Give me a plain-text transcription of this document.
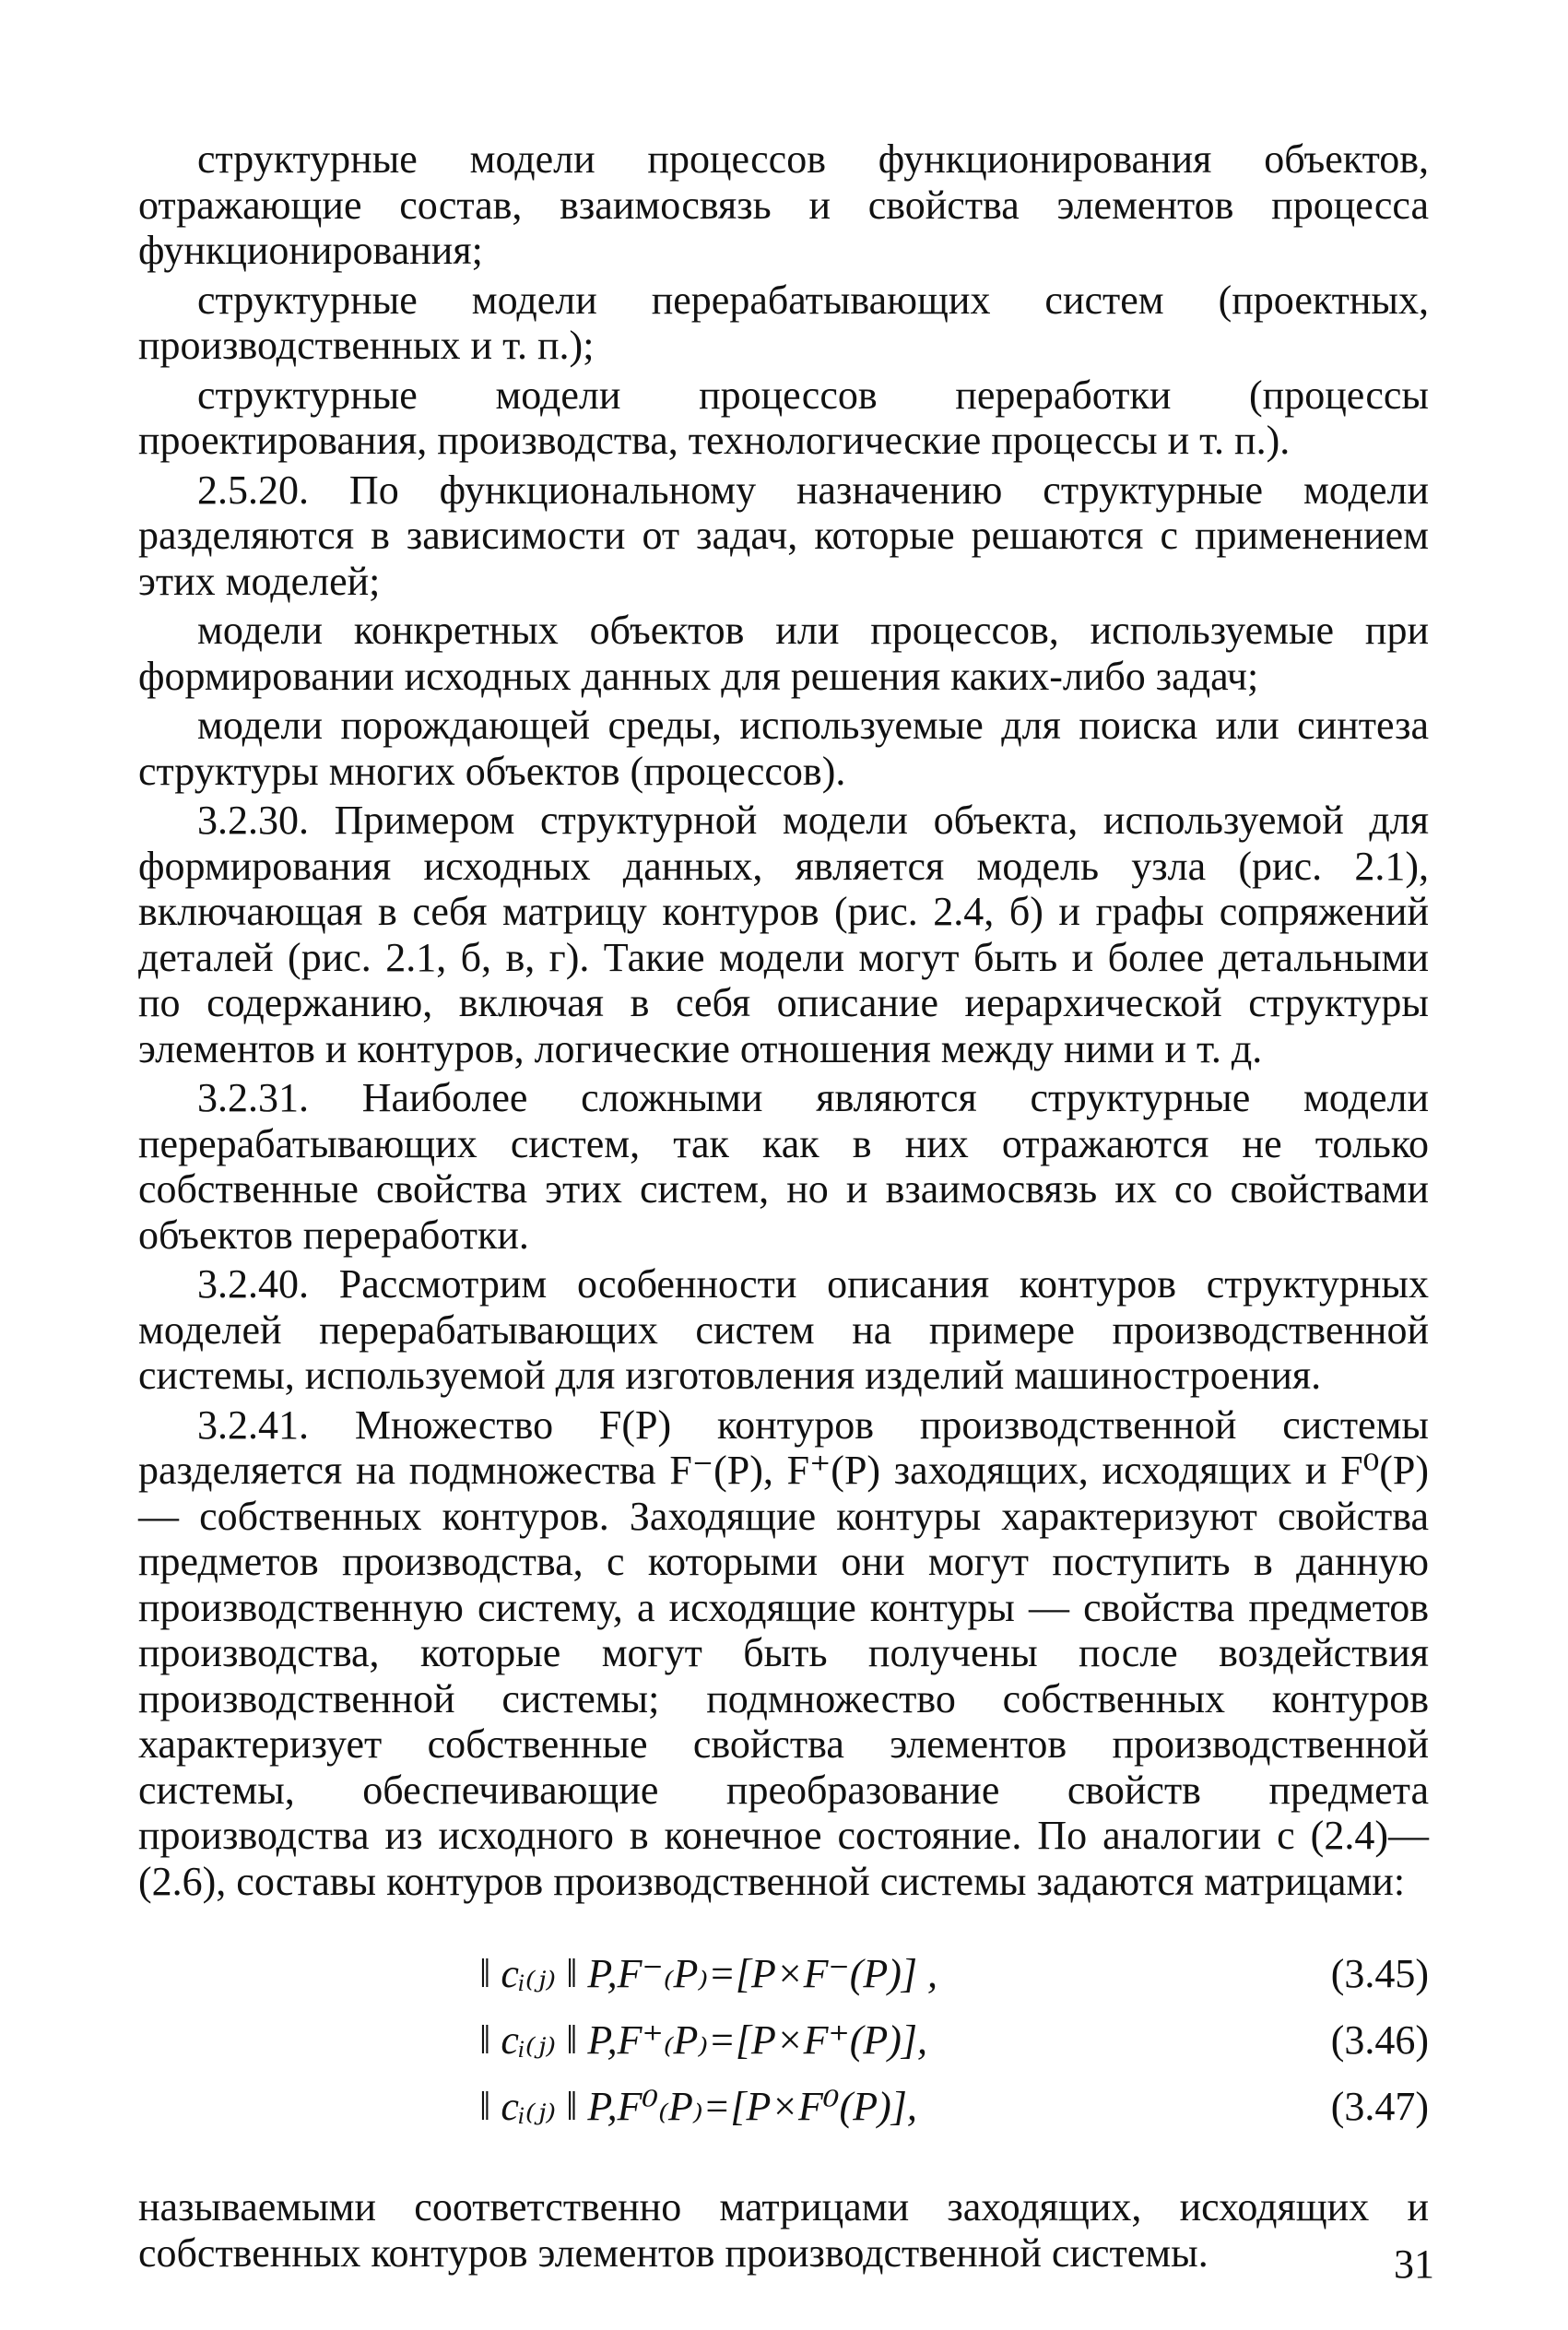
структурные модели процессов функционирования объектов, отражающие состав, взаимосвязь и свойства элементов процесса функционирования;

структурные модели перерабатывающих систем (проектных, производственных и т. п.);

структурные модели процессов переработки (процессы проектирования, производства, технологические процессы и т. п.).

2.5.20. По функциональному назначению структурные модели разделяются в зависимости от задач, которые решаются с применением этих моделей;

модели конкретных объектов или процессов, используемые при формировании исходных данных для решения каких-либо задач;

модели порождающей среды, используемые для поиска или синтеза структуры многих объектов (процессов).

3.2.30. Примером структурной модели объекта, используемой для формирования исходных данных, является модель узла (рис. 2.1), включающая в себя матрицу контуров (рис. 2.4, б) и графы сопряжений деталей (рис. 2.1, б, в, г). Такие модели могут быть и более детальными по содержанию, включая в себя описание иерархической структуры элементов и контуров, логические отношения между ними и т. д.

3.2.31. Наиболее сложными являются структурные модели перерабатывающих систем, так как в них отражаются не только собственные свойства этих систем, но и взаимосвязь их со свойствами объектов переработки.

3.2.40. Рассмотрим особенности описания контуров структурных моделей перерабатывающих систем на примере производственной системы, используемой для изготовления изделий машиностроения.

3.2.41. Множество F(P) контуров производственной системы разделяется на подмножества F⁻(P), F⁺(P) заходящих, исходящих и F⁰(P) — собственных контуров. Заходящие контуры характеризуют свойства предметов производства, с которыми они могут поступить в данную производственную систему, а исходящие контуры — свойства предметов производства, которые могут быть получены после воздействия производственной системы; подмножество собственных контуров характеризует собственные свойства элементов производственной системы, обеспечивающие преобразование свойств предмета производства из исходного в конечное состояние. По аналогии с (2.4)—(2.6), составы контуров производственной системы задаются матрицами:

‖ cᵢ₍ⱼ₎ ‖ P,F⁻₍P₎=[P×F⁻(P)] ,	(3.45)
‖ cᵢ₍ⱼ₎ ‖ P,F⁺₍P₎=[P×F⁺(P)],	(3.46)
‖ cᵢ₍ⱼ₎ ‖ P,F⁰₍P₎=[P×F⁰(P)],	(3.47)

называемыми соответственно матрицами заходящих, исходящих и собственных контуров элементов производственной системы.	31
